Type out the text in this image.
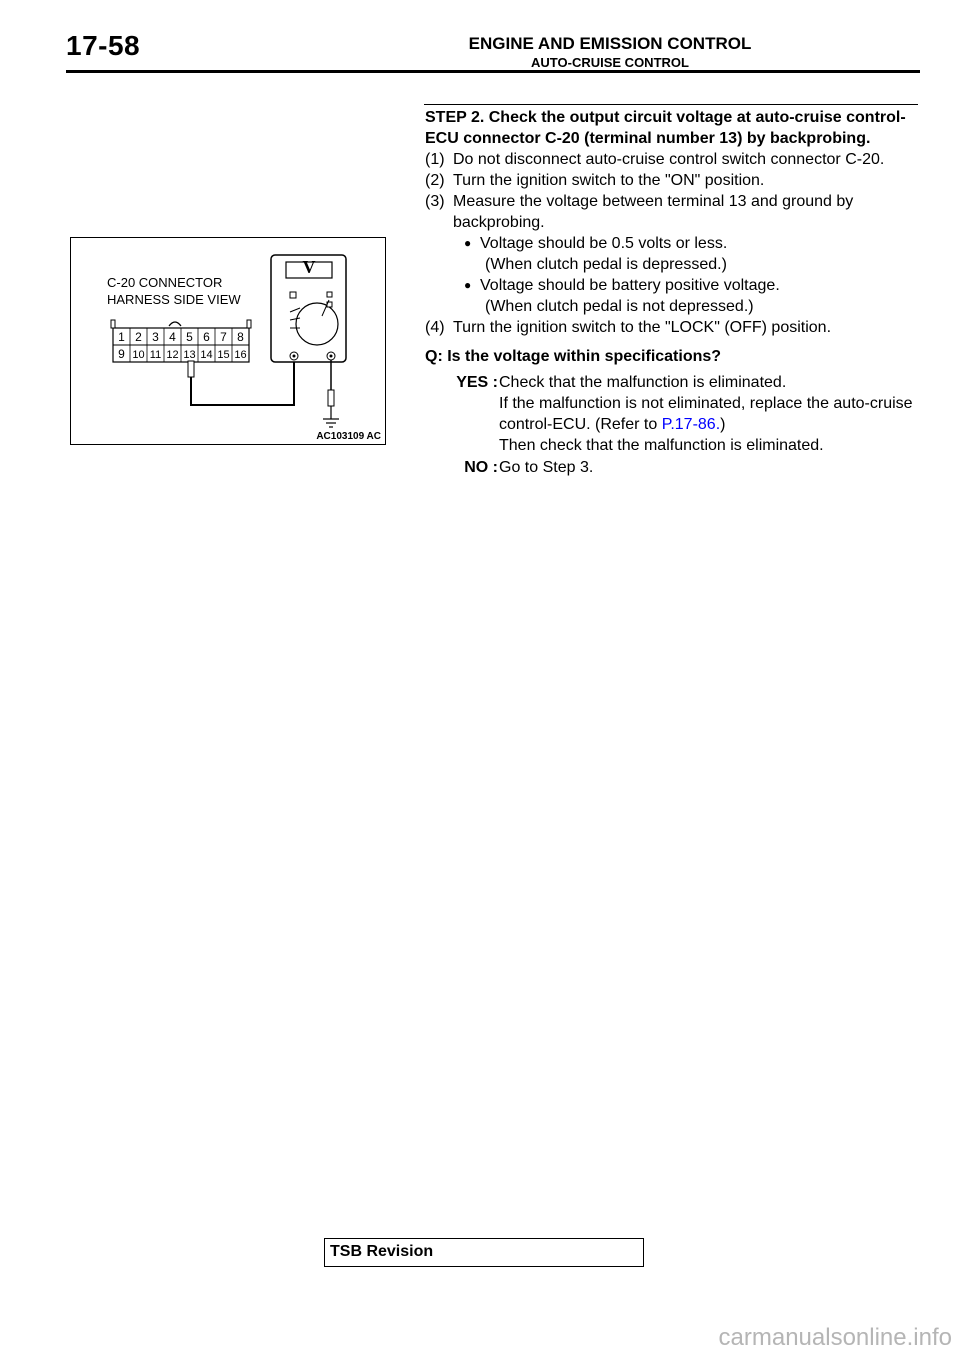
17-58	ENGINE AND EMISSION CONTROL
AUTO-CRUISE CONTROL

STEP 2. Check the output circuit voltage at auto-cruise control-ECU connector C-20 (terminal number 13) by backprobing.

(1) Do not disconnect auto-cruise control switch connector C-20.
(2) Turn the ignition switch to the "ON" position.
(3) Measure the voltage between terminal 13 and ground by backprobing.
● Voltage should be 0.5 volts or less.
(When clutch pedal is depressed.)
● Voltage should be battery positive voltage.
(When clutch pedal is not depressed.)
(4) Turn the ignition switch to the "LOCK" (OFF) position.
Q: Is the voltage within specifications?
YES : Check that the malfunction is eliminated.
If the malfunction is not eliminated, replace the auto-cruise control-ECU. (Refer to P.17-86.)
Then check that the malfunction is eliminated.
NO : Go to Step 3.
1 2 3 4 5 6 7 8
9 10 11 12 13 14 15 16
C-20 CONNECTOR
HARNESS SIDE VIEW
V
AC103109 AC
TSB Revision
carmanualsonline.info
